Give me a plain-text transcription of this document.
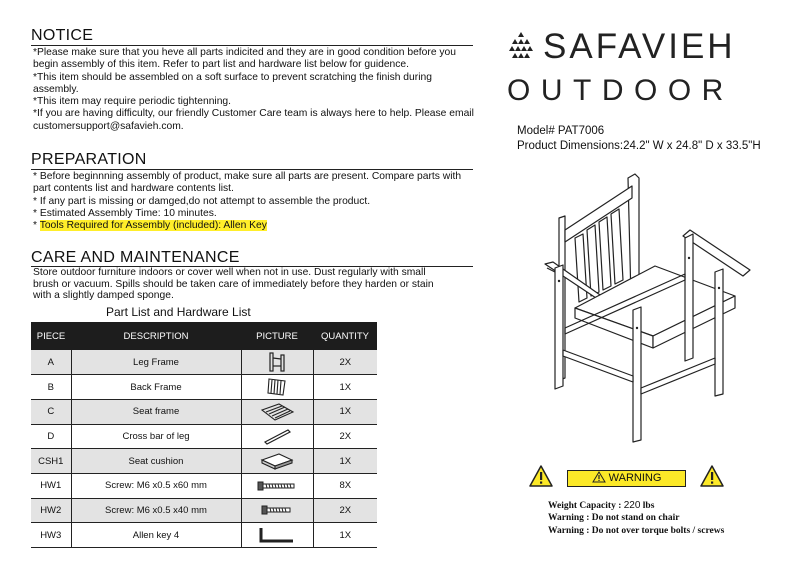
NOTICE
*Please make sure that you heve all parts indicited and they are in good condition before you begin assembly of this item. Refer to part list and hardware list below for guidence.
*This item should be assembled on a soft surface to prevent scratching the finish during assembly.
*This item may require periodic tightenning.
*If you are having difficulty, our friendly Customer Care team is always here to help. Please email customersupport@safavieh.com.
PREPARATION
* Before beginnning assembly of product, make sure all parts are present. Compare parts with part contents list and hardware contents list.
* If any part is missing or damged,do not attempt to assemble the product.
* Estimated Assembly Time: 10 minutes.
* Tools Required for Assembly (included): Allen Key
CARE AND MAINTENANCE
Store outdoor furniture indoors or cover well when not in use. Dust regularly with small brush or vacuum. Spills should be taken care of immediately before they harden or stain with a slightly damped sponge.
Part List and Hardware List
PIECE	DESCRIPTION	PICTURE	QUANTITY
A	Leg Frame		2X
B	Back Frame		1X
C	Seat frame		1X
D	Cross bar of leg		2X
CSH1	Seat cushion		1X
HW1	Screw: M6 x0.5 x60 mm		8X
HW2	Screw: M6 x0.5 x40 mm		2X
HW3	Allen key 4		1X
SAFAVIEH
OUTDOOR
Model# PAT7006
Product Dimensions:24.2" W x 24.8" D x 33.5"H
WARNING
Weight Capacity : 220 lbs
Warning : Do not stand on chair
Warning : Do not over torque bolts / screws
